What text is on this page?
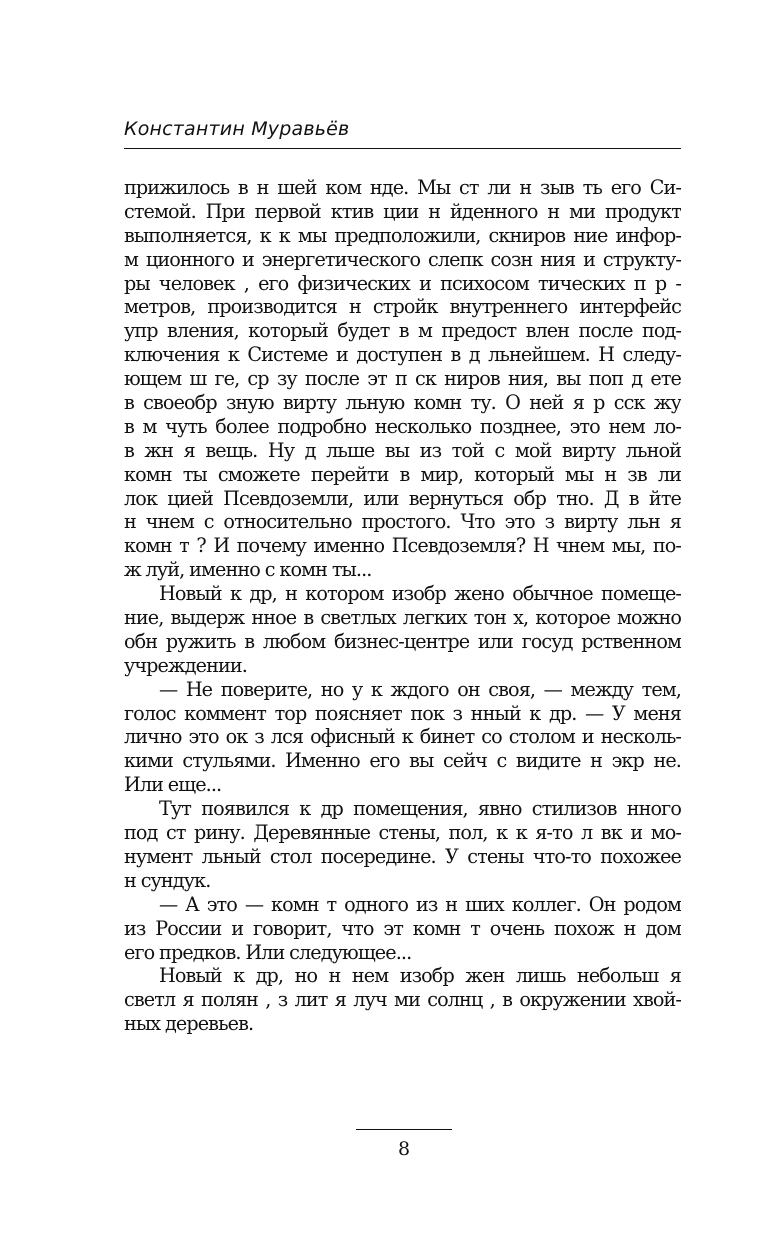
Константин Муравьёв
прижилось в н шей ком нде. Мы ст ли н зыв ть его Си-
стемой. При первой ктив ции н йденного н ми продукт
выполняется, к к мы предположили, скниров ние инфор-
м ционного и энергетического слепк созн ния и структу-
ры человек , его физических и психосом тических п р -
метров, производится н стройк внутреннего интерфейс
упр вления, который будет в м предост влен после под-
ключения к Системе и доступен в д льнейшем. Н следу-
ющем ш ге, ср зу после эт п ск ниров ния, вы поп д ете
в своеобр зную вирту льную комн ту. О ней я р сск жу
в м чуть более подробно несколько позднее, это нем ло-
в жн я вещь. Ну д льше вы из той с мой вирту льной
комн ты сможете перейти в мир, который мы н зв ли
лок цией Псевдоземли, или вернуться обр тно. Д в йте
н чнем с относительно простого. Что это з вирту льн я
комн т ? И почему именно Псевдоземля? Н чнем мы, по-
ж луй, именно с комн ты...
Новый к др, н котором изобр жено обычное помеще-
ние, выдерж нное в светлых легких тон х, которое можно
обн ружить в любом бизнес-центре или госуд рственном
учреждении.
— Не поверите, но у к ждого он своя, — между тем,
голос коммент тор поясняет пок з нный к др. — У меня
лично это ок з лся офисный к бинет со столом и несколь-
кими стульями. Именно его вы сейч с видите н экр не.
Или еще...
Тут появился к др помещения, явно стилизов нного
под ст рину. Деревянные стены, пол, к к я-то л вк и мо-
нумент льный стол посередине. У стены что-то похожее
н сундук.
— А это — комн т одного из н ших коллег. Он родом
из России и говорит, что эт комн т очень похож н дом
его предков. Или следующее...
Новый к др, но н нем изобр жен лишь небольш я
светл я полян , з лит я луч ми солнц , в окружении хвой-
ных деревьев.
8
